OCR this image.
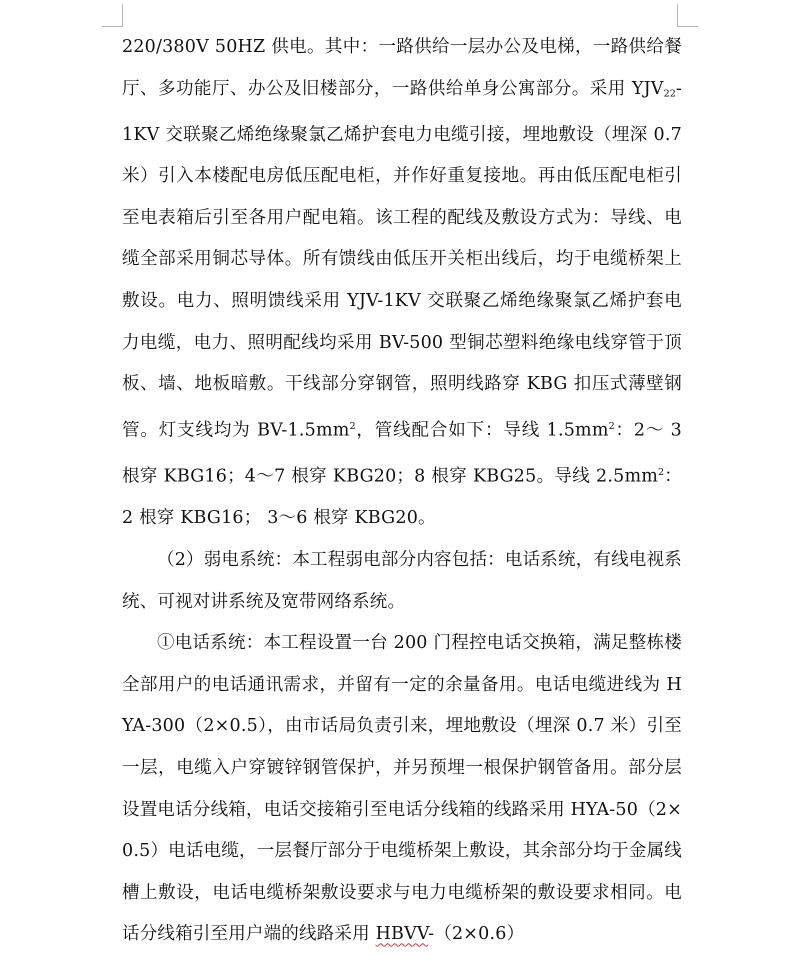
220/380V 50HZ 供电。其中：一路供给一层办公及电梯，一路供给餐厅、多功能厅、办公及旧楼部分，一路供给单身公寓部分。采用 $YJV_{22}-1KV$ 交联聚乙烯绝缘聚氯乙烯护套电力电缆引接，埋地敷设（埋深 0.7 米）引入本楼配电房低压配电柜，并作好重复接地。再由低压配电柜引至电表箱后引至各用户配电箱。该工程的配线及敷设方式为：导线、电缆全部采用铜芯导体。所有馈线由低压开关柜出线后，均于电缆桥架上敷设。电力、照明馈线采用 YJV-1KV 交联聚乙烯绝缘聚氯乙烯护套电力电缆，电力、照明配线均采用 BV-500 型铜芯塑料绝缘电线穿管于顶板、墙、地板暗敷。干线部分穿钢管，照明线路穿 KBG 扣压式薄壁钢管。灯支线均为 $BV-1.5mm^2$，管线配合如下：导线 $1.5mm^2$：2～ 3 根穿 KBG16；4～7 根穿 KBG20；8 根穿 KBG25。导线 $2.5mm^2$：2 根穿 KBG16； 3～6 根穿 KBG20。

（2）弱电系统：本工程弱电部分内容包括：电话系统，有线电视系统、可视对讲系统及宽带网络系统。

①电话系统：本工程设置一台 200 门程控电话交换箱，满足整栋楼全部用户的电话通讯需求，并留有一定的余量备用。电话电缆进线为 HYA-300（2×0.5），由市话局负责引来，埋地敷设（埋深 0.7 米）引至一层，电缆入户穿镀锌钢管保护，并另预埋一根保护钢管备用。部分层设置电话分线箱，电话交接箱引至电话分线箱的线路采用 HYA-50（2×0.5）电话电缆，一层餐厅部分于电缆桥架上敷设，其余部分均于金属线槽上敷设，电话电缆桥架敷设要求与电力电缆桥架的敷设要求相同。电话分线箱引至用户端的线路采用 HBVV-（2×0.6）
